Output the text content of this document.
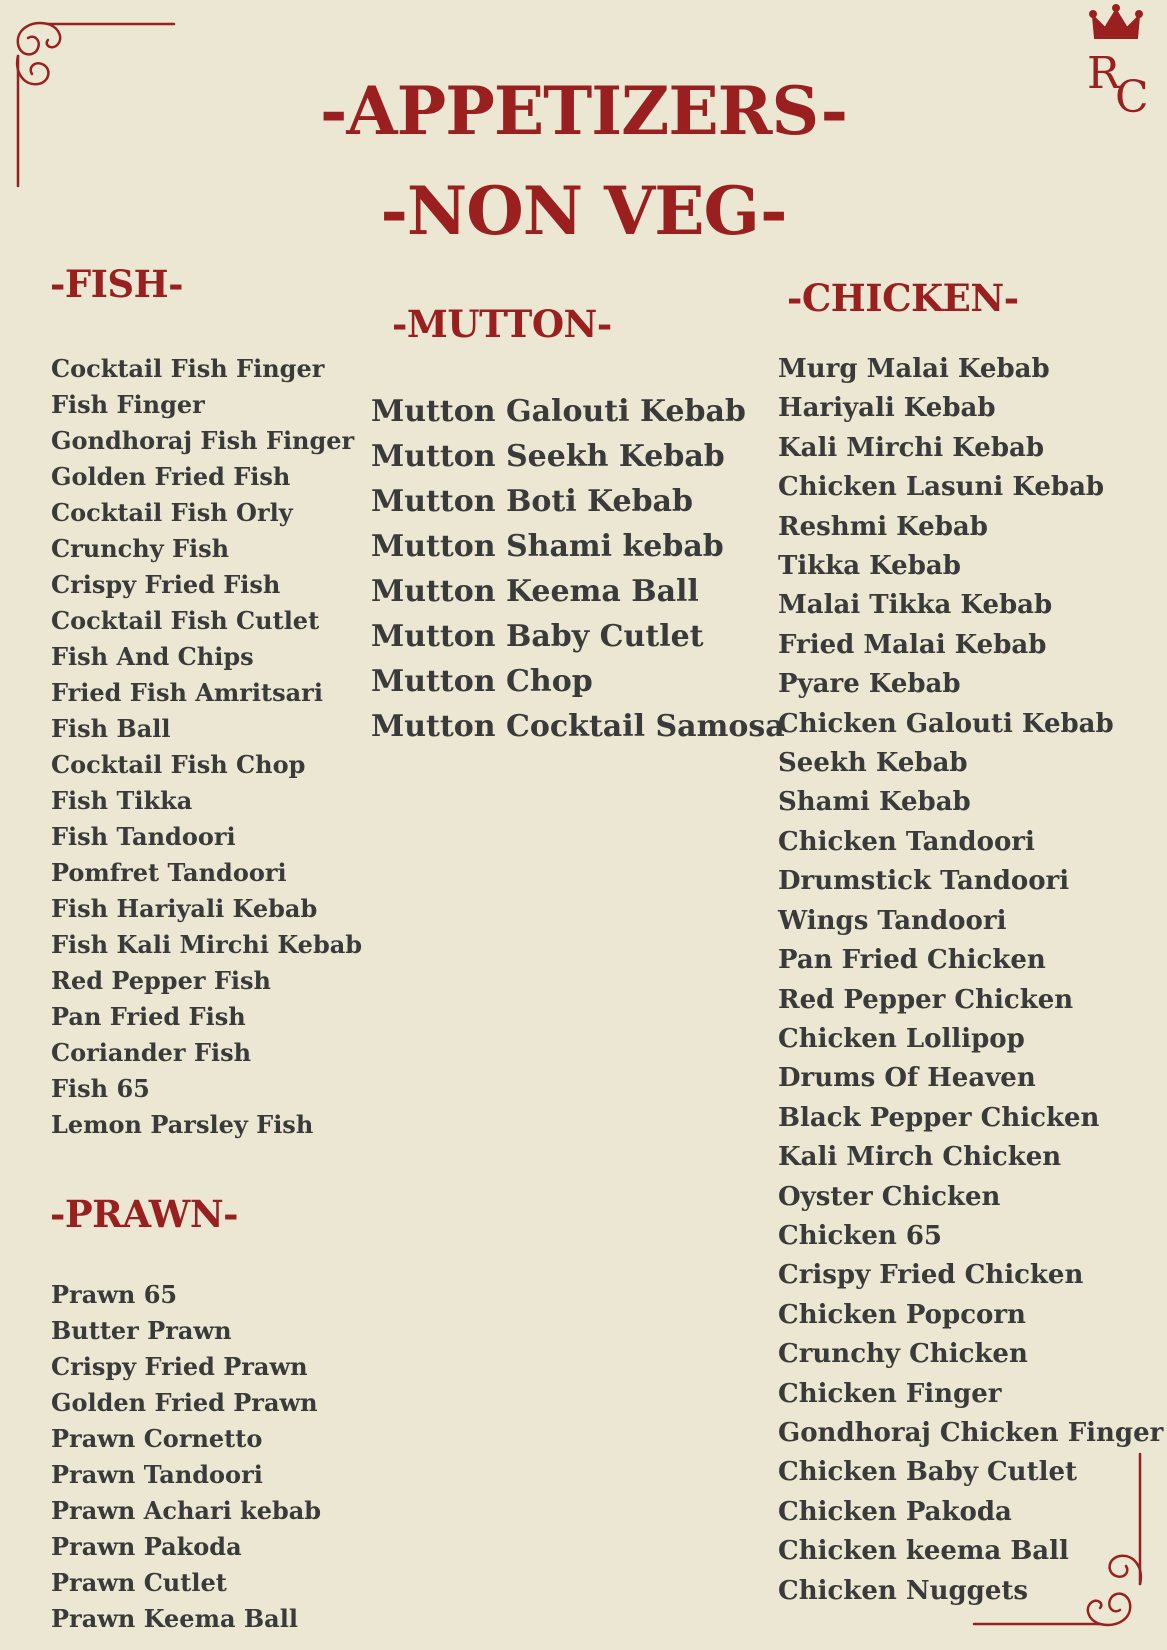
R
C
-APPETIZERS-
-NON VEG-
-FISH-
Cocktail Fish Finger
Fish Finger
Gondhoraj Fish Finger
Golden Fried Fish
Cocktail Fish Orly
Crunchy Fish
Crispy Fried Fish
Cocktail Fish Cutlet
Fish And Chips
Fried Fish Amritsari
Fish Ball
Cocktail Fish Chop
Fish Tikka
Fish Tandoori
Pomfret Tandoori
Fish Hariyali Kebab
Fish Kali Mirchi Kebab
Red Pepper Fish
Pan Fried Fish
Coriander Fish
Fish 65
Lemon Parsley Fish
-PRAWN-
Prawn 65
Butter Prawn
Crispy Fried Prawn
Golden Fried Prawn
Prawn Cornetto
Prawn Tandoori
Prawn Achari kebab
Prawn Pakoda
Prawn Cutlet
Prawn Keema Ball
-MUTTON-
Mutton Galouti Kebab
Mutton Seekh Kebab
Mutton Boti Kebab
Mutton Shami kebab
Mutton Keema Ball
Mutton Baby Cutlet
Mutton Chop
Mutton Cocktail Samosa
-CHICKEN-
Murg Malai Kebab
Hariyali Kebab
Kali Mirchi Kebab
Chicken Lasuni Kebab
Reshmi Kebab
Tikka Kebab
Malai Tikka Kebab
Fried Malai Kebab
Pyare Kebab
Chicken Galouti Kebab
Seekh Kebab
Shami Kebab
Chicken Tandoori
Drumstick Tandoori
Wings Tandoori
Pan Fried Chicken
Red Pepper Chicken
Chicken Lollipop
Drums Of Heaven
Black Pepper Chicken
Kali Mirch Chicken
Oyster Chicken
Chicken 65
Crispy Fried Chicken
Chicken Popcorn
Crunchy Chicken
Chicken Finger
Gondhoraj Chicken Finger
Chicken Baby Cutlet
Chicken Pakoda
Chicken keema Ball
Chicken Nuggets
